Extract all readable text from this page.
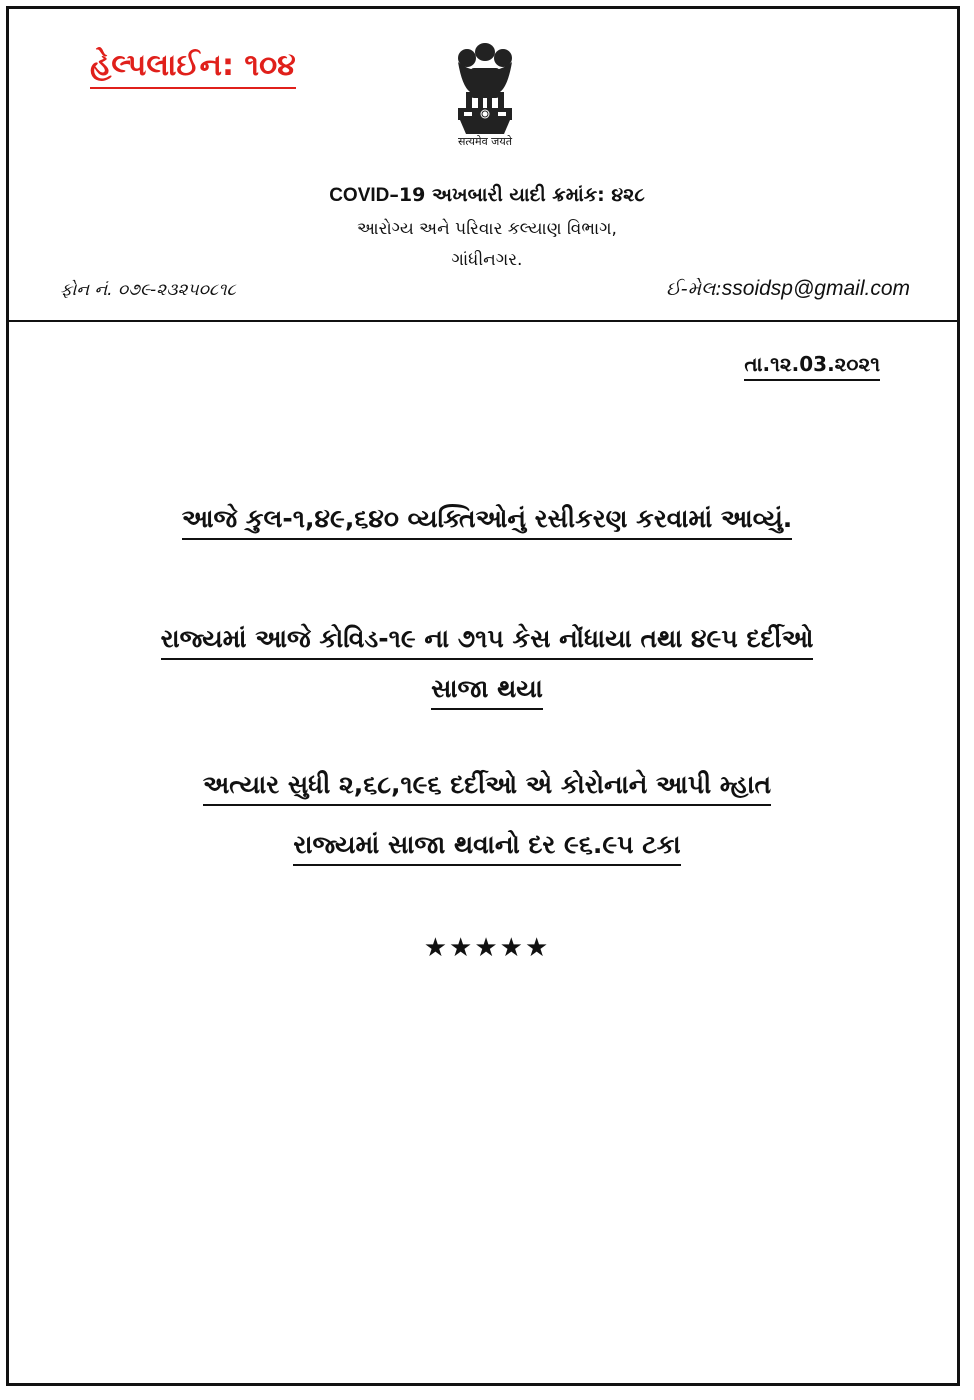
હેલ્પલાઈન: ૧૦૪
सत्यमेव जयते
COVID–19 અખબારી યાદી ક્રમાંક: ૪૨૮
આરોગ્ય અને પરિવાર કલ્યાણ વિભાગ,
ગાંધીનગર.
ફોન નં. ૦૭૯-૨૩૨૫૦૮૧૮	ઈ-મેલ:ssoidsp@gmail.com
તા.૧૨.03.૨૦૨૧
આજે કુલ-૧,૪૯,૬૪૦ વ્યક્તિઓનું રસીકરણ કરવામાં આવ્યું.
રાજ્યમાં આજે કોવિડ-૧૯ ના ૭૧૫ કેસ નોંધાયા તથા ૪૯૫ દર્દીઓ
સાજા થયા
અત્યાર સુધી ૨,૬૮,૧૯૬ દર્દીઓ એ કોરોનાને આપી મ્હાત
રાજ્યમાં સાજા થવાનો દર ૯૬.૯૫ ટકા
★★★★★
